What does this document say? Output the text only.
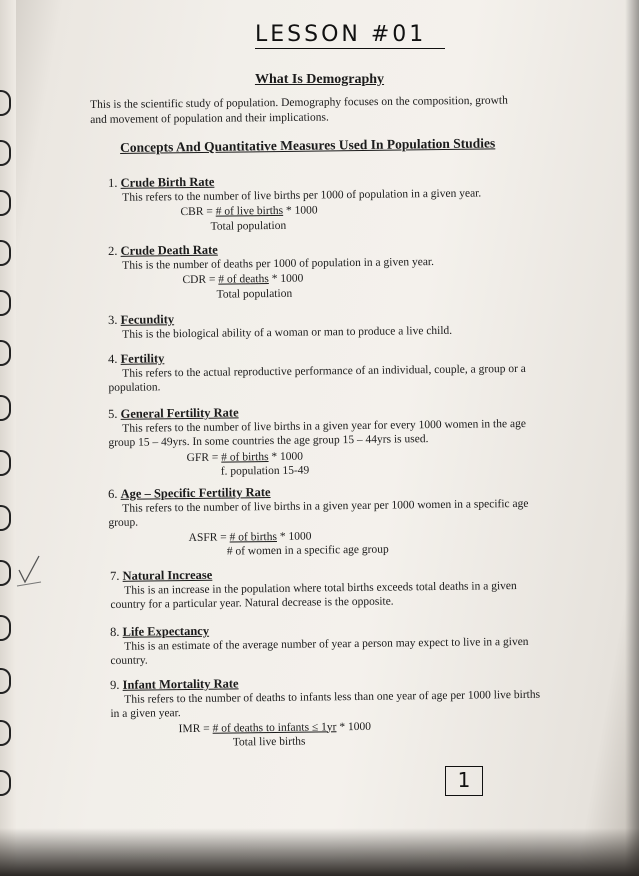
LESSON #01
What Is Demography
This is the scientific study of population. Demography focuses on the composition, growth and movement of population and their implications.
Concepts And Quantitative Measures Used In Population Studies
1. Crude Birth Rate
This refers to the number of live births per 1000 of population in a given year.
CBR = # of live births * 1000
Total population
2. Crude Death Rate
This is the number of deaths per 1000 of population in a given year.
CDR = # of deaths * 1000
Total population
3. Fecundity
This is the biological ability of a woman or man to produce a live child.
4. Fertility
This refers to the actual reproductive performance of an individual, couple, a group or a population.
5. General Fertility Rate
This refers to the number of live births in a given year for every 1000 women in the age group 15 – 49yrs. In some countries the age group 15 – 44yrs is used.
GFR = # of births * 1000
f. population 15-49
6. Age – Specific Fertility Rate
This refers to the number of live births in a given year per 1000 women in a specific age group.
ASFR = # of births * 1000
# of women in a specific age group
7. Natural Increase
This is an increase in the population where total births exceeds total deaths in a given country for a particular year. Natural decrease is the opposite.
8. Life Expectancy
This is an estimate of the average number of year a person may expect to live in a given country.
9. Infant Mortality Rate
This refers to the number of deaths to infants less than one year of age per 1000 live births in a given year.
IMR = # of deaths to infants ≤ 1yr * 1000
Total live births
1
